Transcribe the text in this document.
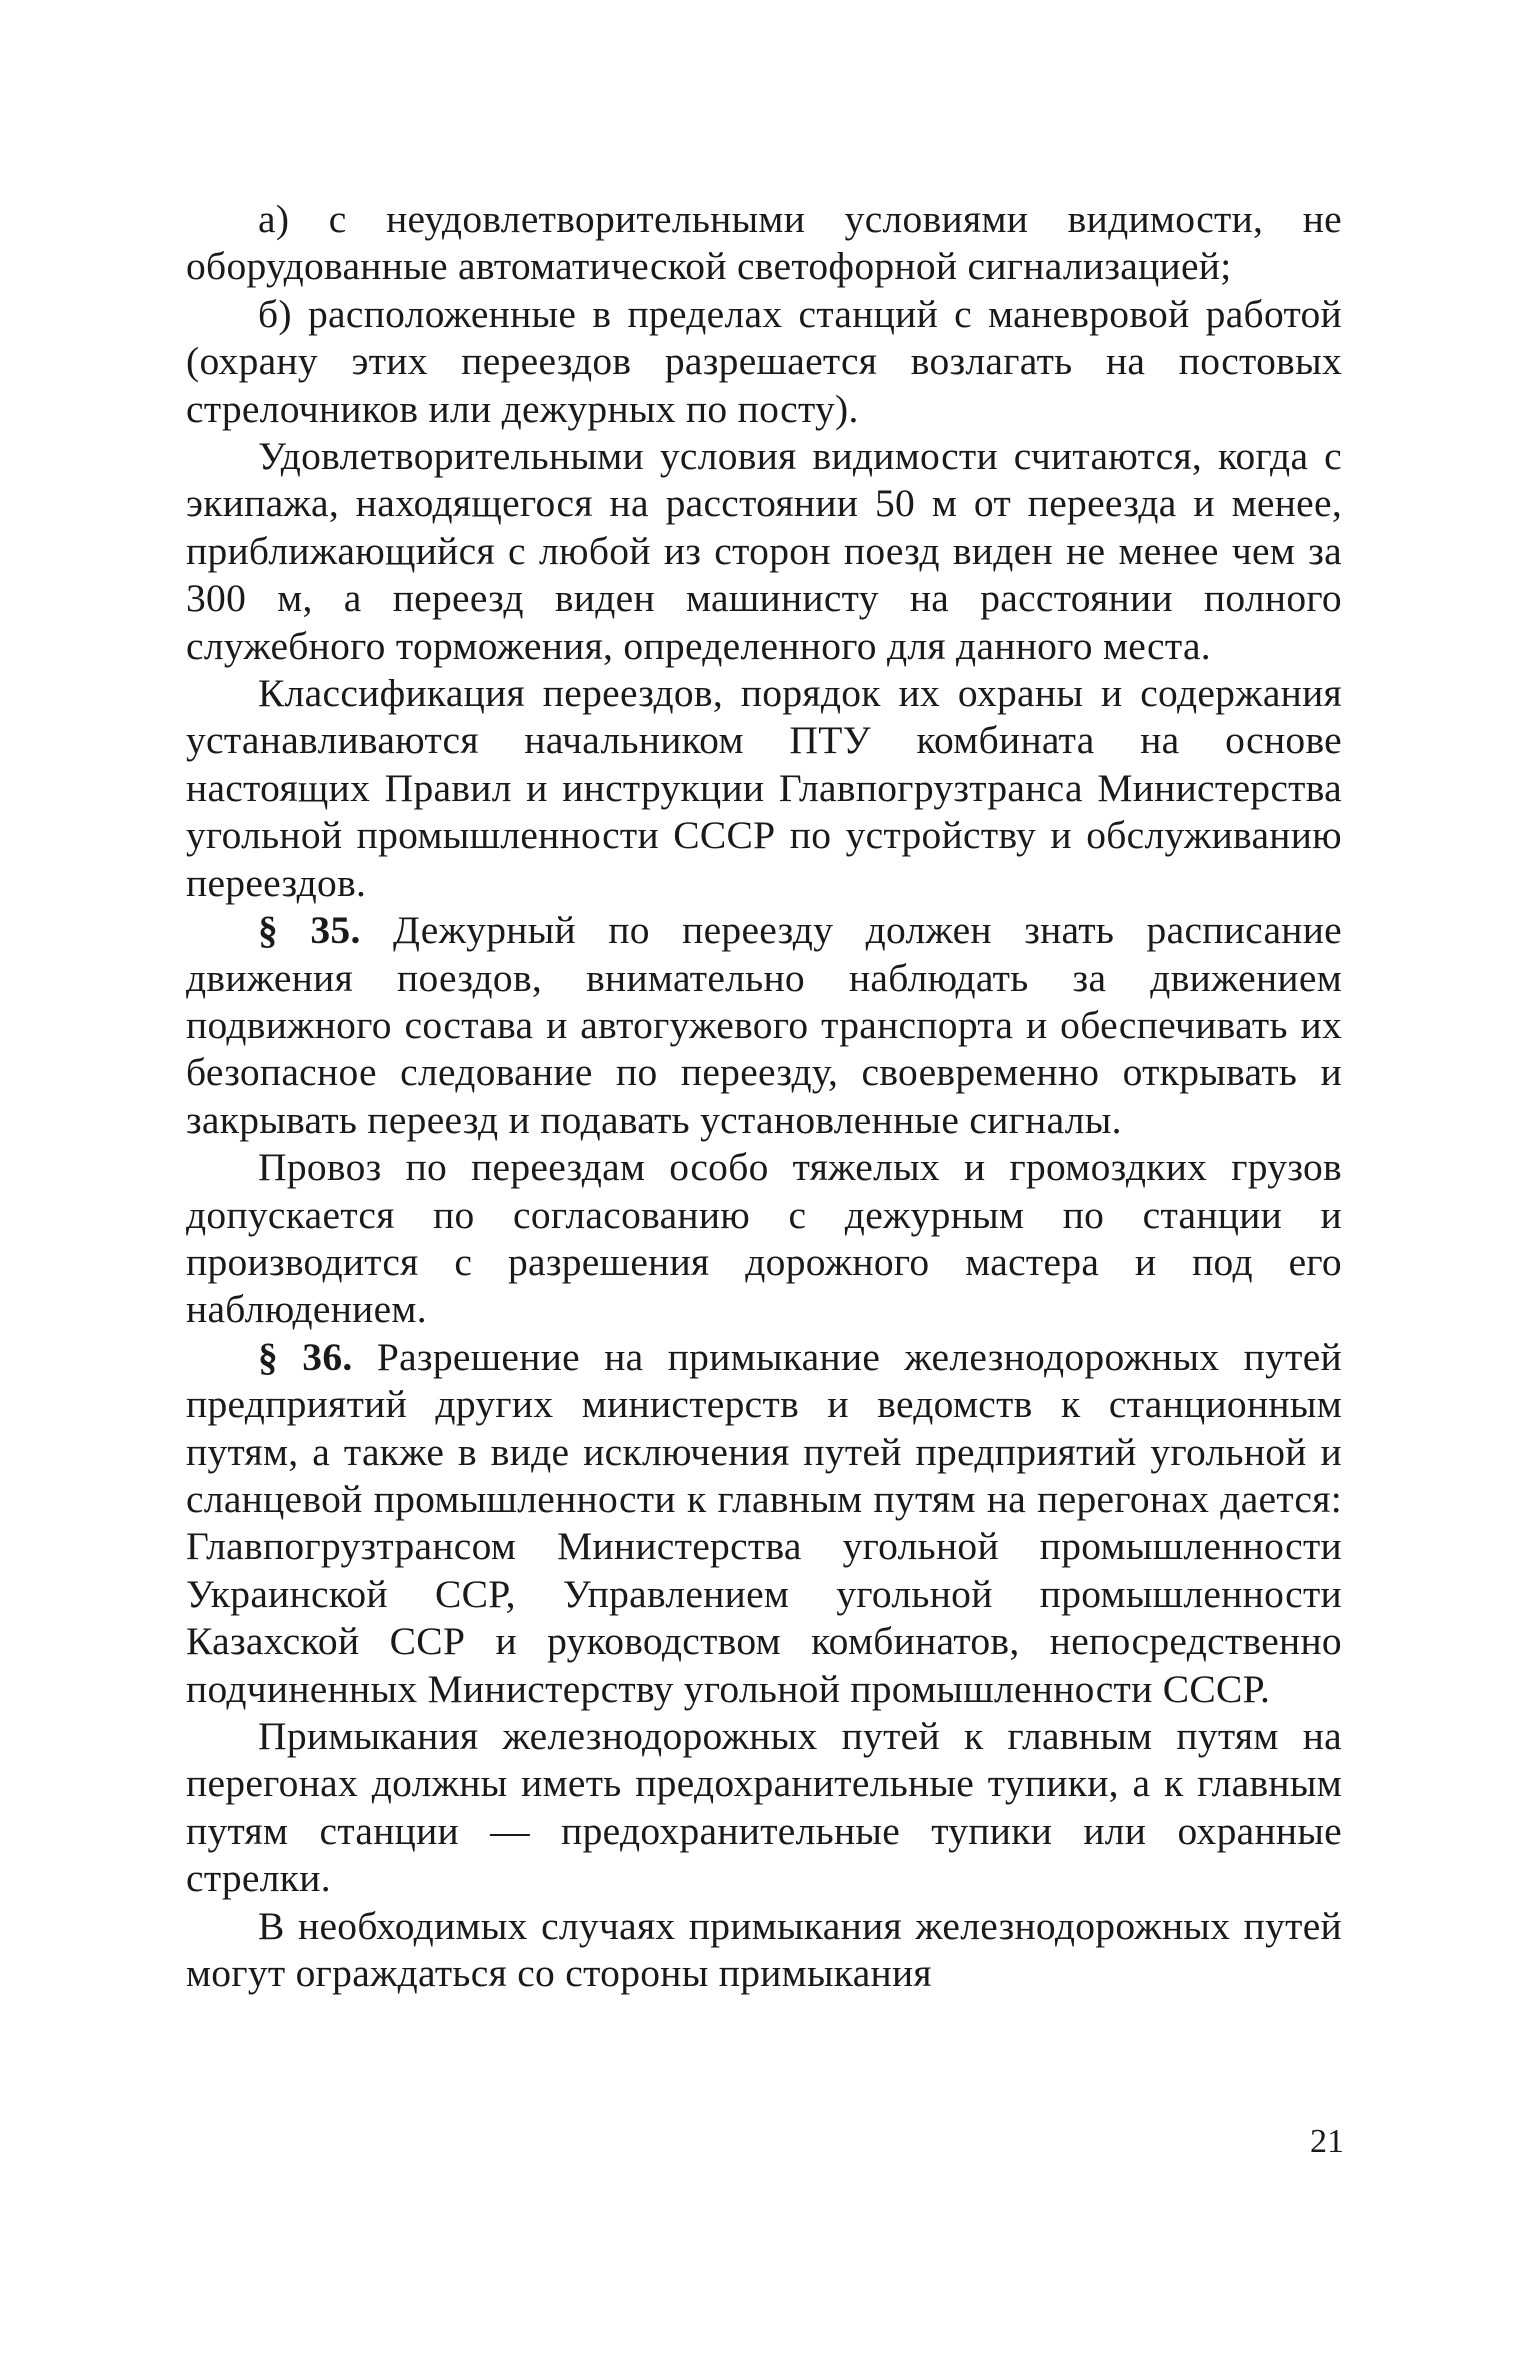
а) с неудовлетворительными условиями видимости, не оборудованные автоматической светофорной сигнализацией;

б) расположенные в пределах станций с маневровой работой (охрану этих переездов разрешается возлагать на постовых стрелочников или дежурных по посту).

Удовлетворительными условия видимости считаются, когда с экипажа, находящегося на расстоянии 50 м от переезда и менее, приближающийся с любой из сторон поезд виден не менее чем за 300 м, а переезд виден машинисту на расстоянии полного служебного торможения, определенного для данного места.

Классификация переездов, порядок их охраны и содержания устанавливаются начальником ПТУ комбината на основе настоящих Правил и инструкции Главпогрузтранса Министерства угольной промышленности СССР по устройству и обслуживанию переездов.

§ 35. Дежурный по переезду должен знать расписание движения поездов, внимательно наблюдать за движением подвижного состава и автогужевого транспорта и обеспечивать их безопасное следование по переезду, своевременно открывать и закрывать переезд и подавать установленные сигналы.

Провоз по переездам особо тяжелых и громоздких грузов допускается по согласованию с дежурным по станции и производится с разрешения дорожного мастера и под его наблюдением.

§ 36. Разрешение на примыкание железнодорожных путей предприятий других министерств и ведомств к станционным путям, а также в виде исключения путей предприятий угольной и сланцевой промышленности к главным путям на перегонах дается: Главпогрузтрансом Министерства угольной промышленности Украинской ССР, Управлением угольной промышленности Казахской ССР и руководством комбинатов, непосредственно подчиненных Министерству угольной промышленности СССР.

Примыкания железнодорожных путей к главным путям на перегонах должны иметь предохранительные тупики, а к главным путям станции — предохранительные тупики или охранные стрелки.

В необходимых случаях примыкания железнодорожных путей могут ограждаться со стороны примыкания

21
